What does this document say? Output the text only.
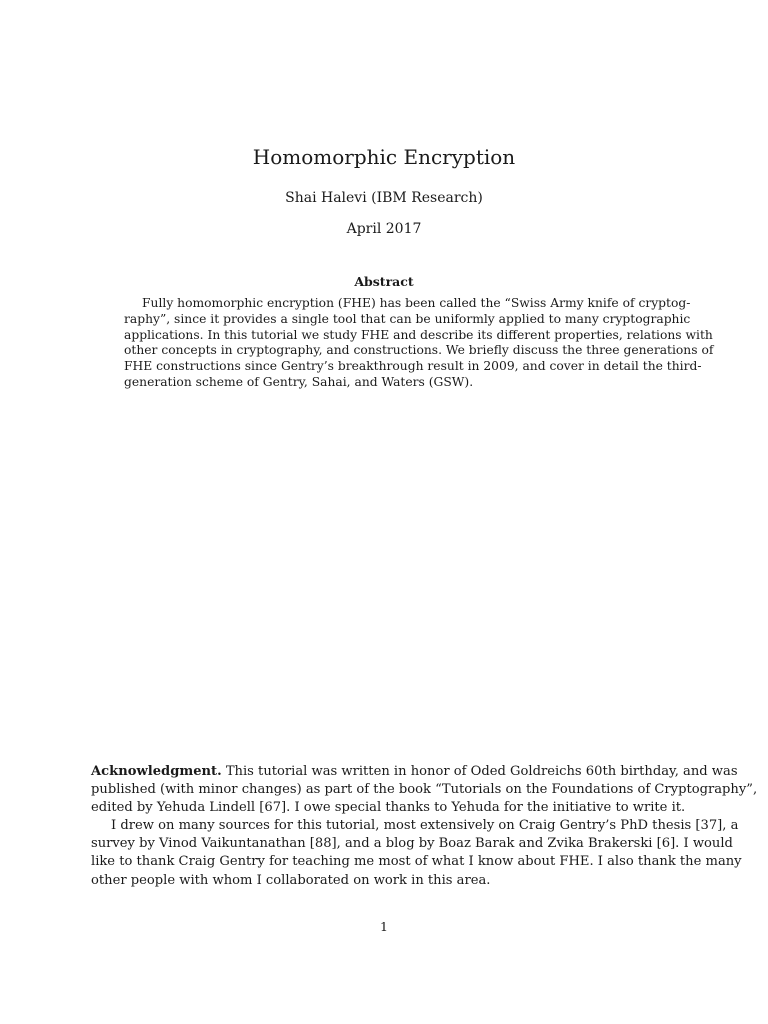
Homomorphic Encryption
Shai Halevi (IBM Research)
April 2017
Abstract
Fully homomorphic encryption (FHE) has been called the “Swiss Army knife of cryptog-
raphy”, since it provides a single tool that can be uniformly applied to many cryptographic
applications. In this tutorial we study FHE and describe its different properties, relations with
other concepts in cryptography, and constructions. We briefly discuss the three generations of
FHE constructions since Gentry’s breakthrough result in 2009, and cover in detail the third-
generation scheme of Gentry, Sahai, and Waters (GSW).
Acknowledgment. This tutorial was written in honor of Oded Goldreichs 60th birthday, and was
published (with minor changes) as part of the book “Tutorials on the Foundations of Cryptography”,
edited by Yehuda Lindell [67]. I owe special thanks to Yehuda for the initiative to write it.
I drew on many sources for this tutorial, most extensively on Craig Gentry’s PhD thesis [37], a
survey by Vinod Vaikuntanathan [88], and a blog by Boaz Barak and Zvika Brakerski [6]. I would
like to thank Craig Gentry for teaching me most of what I know about FHE. I also thank the many
other people with whom I collaborated on work in this area.
1
